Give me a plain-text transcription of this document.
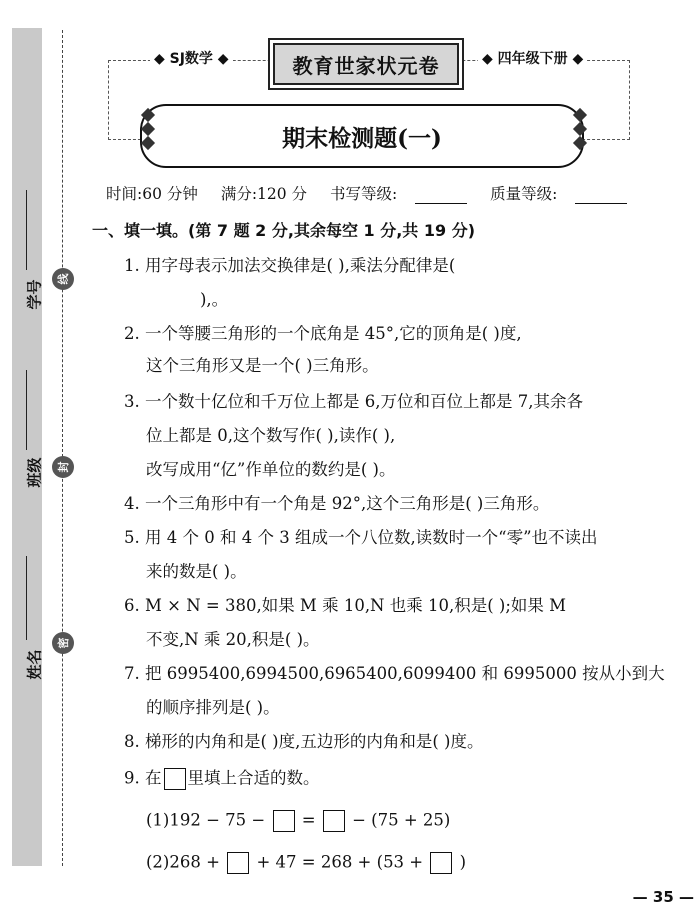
学号
班级
姓名
线
封
密
◆ SJ数学 ◆	◆ 四年级下册 ◆
教育世家状元卷
期末检测题(一)
时间:60 分钟 满分:120 分 书写等级:	质量等级:
一、填一填。(第 7 题 2 分,其余每空 1 分,共 19 分)
1. 用字母表示加法交换律是( ),乘法分配律是(
),。
2. 一个等腰三角形的一个底角是 45°,它的顶角是( )度,
这个三角形又是一个( )三角形。
3. 一个数十亿位和千万位上都是 6,万位和百位上都是 7,其余各
位上都是 0,这个数写作( ),读作( ),
改写成用“亿”作单位的数约是( )。
4. 一个三角形中有一个角是 92°,这个三角形是( )三角形。
5. 用 4 个 0 和 4 个 3 组成一个八位数,读数时一个“零”也不读出
来的数是( )。
6. M × N = 380,如果 M 乘 10,N 也乘 10,积是( );如果 M
不变,N 乘 20,积是( )。
7. 把 6995400,6994500,6965400,6099400 和 6995000 按从小到大
的顺序排列是( )。
8. 梯形的内角和是( )度,五边形的内角和是( )度。
9. 在 里填上合适的数。
(1)192 − 75 − = − (75 + 25)
(2)268 + + 47 = 268 + (53 + )
— 35 —
